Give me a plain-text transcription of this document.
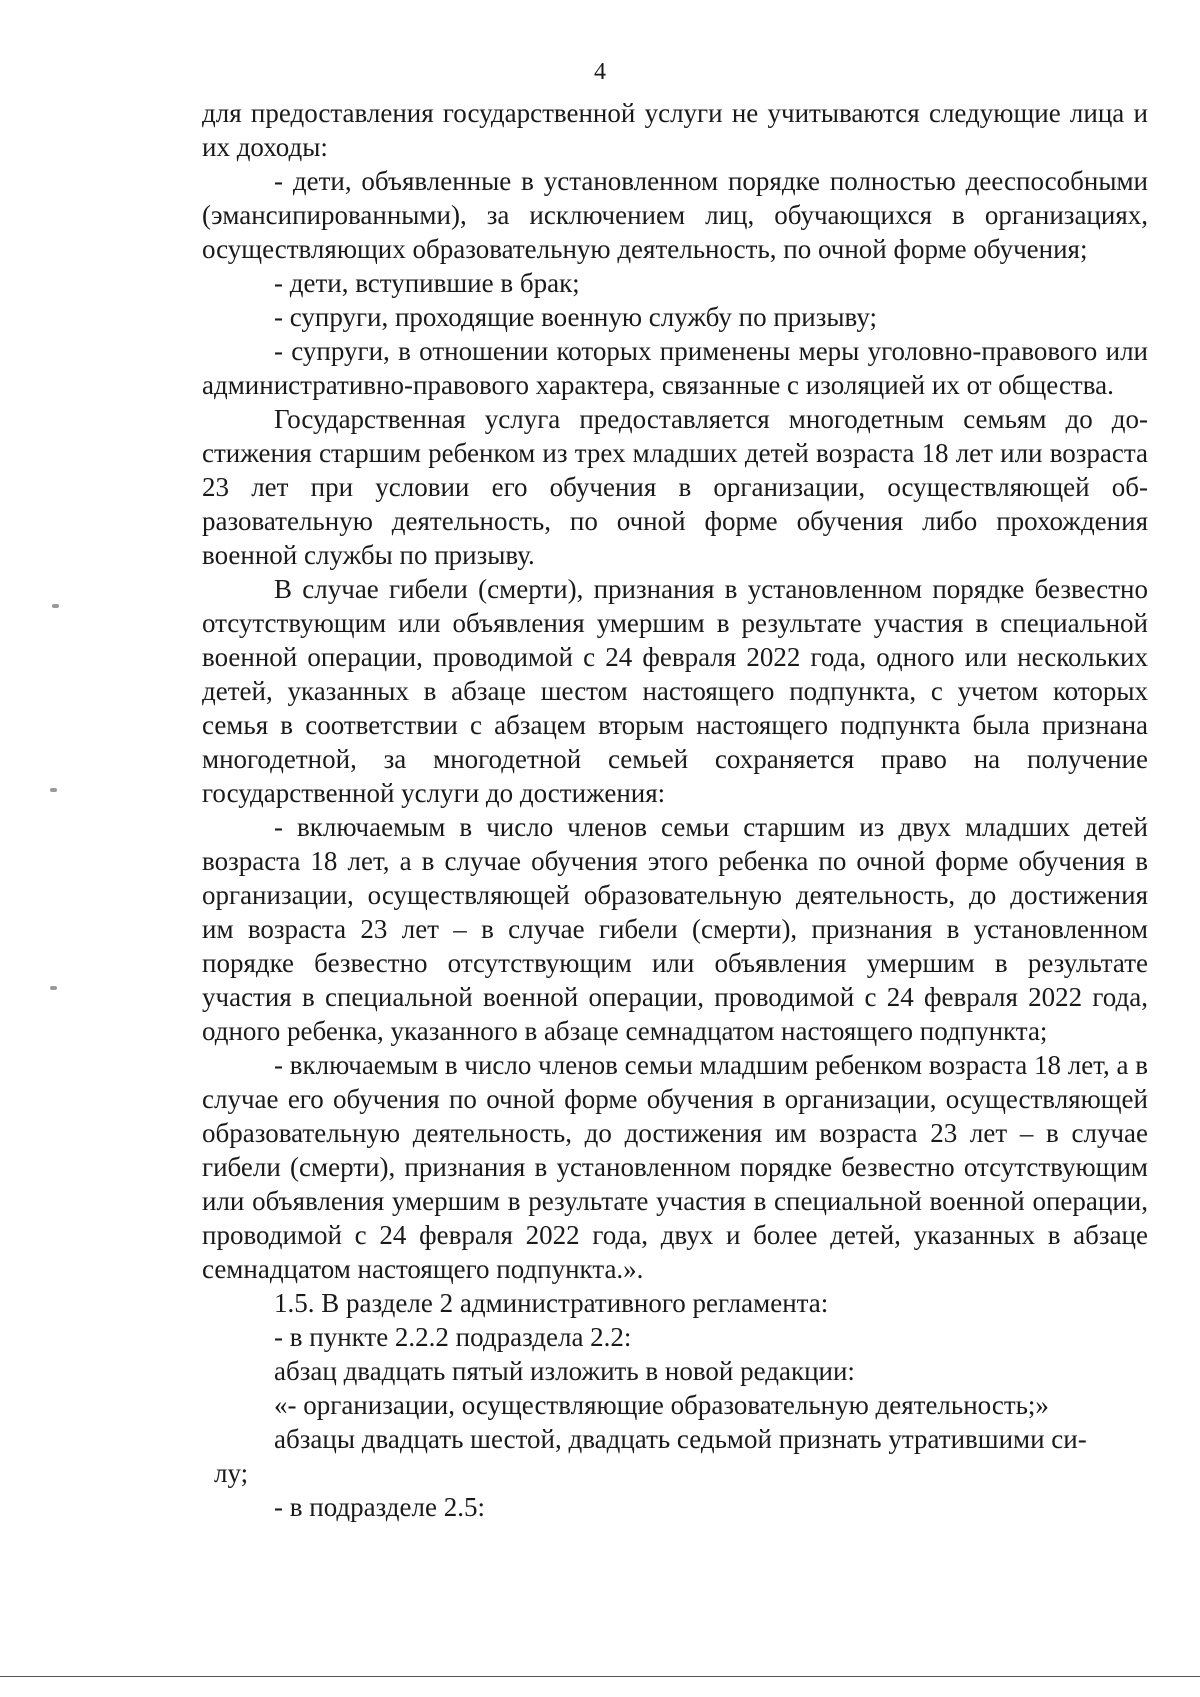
4

для предоставления государственной услуги не учитываются следующие лица и их доходы:

- дети, объявленные в установленном порядке полностью дееспособными (эмансипированными), за исключением лиц, обучающихся в организациях, осуществляющих образовательную деятельность, по очной форме обучения;

- дети, вступившие в брак;

- супруги, проходящие военную службу по призыву;

- супруги, в отношении которых применены меры уголовно-правового или административно-правового характера, связанные с изоляцией их от общества.

Государственная услуга предоставляется многодетным семьям до достижения старшим ребенком из трех младших детей возраста 18 лет или возраста 23 лет при условии его обучения в организации, осуществляющей образовательную деятельность, по очной форме обучения либо прохождения военной службы по призыву.

В случае гибели (смерти), признания в установленном порядке безвестно отсутствующим или объявления умершим в результате участия в специальной военной операции, проводимой с 24 февраля 2022 года, одного или нескольких детей, указанных в абзаце шестом настоящего подпункта, с учетом которых семья в соответствии с абзацем вторым настоящего подпункта была признана многодетной, за многодетной семьей сохраняется право на получение государственной услуги до достижения:

- включаемым в число членов семьи старшим из двух младших детей возраста 18 лет, а в случае обучения этого ребенка по очной форме обучения в организации, осуществляющей образовательную деятельность, до достижения им возраста 23 лет – в случае гибели (смерти), признания в установленном порядке безвестно отсутствующим или объявления умершим в результате участия в специальной военной операции, проводимой с 24 февраля 2022 года, одного ребенка, указанного в абзаце семнадцатом настоящего подпункта;

- включаемым в число членов семьи младшим ребенком возраста 18 лет, а в случае его обучения по очной форме обучения в организации, осуществляющей образовательную деятельность, до достижения им возраста 23 лет – в случае гибели (смерти), признания в установленном порядке безвестно отсутствующим или объявления умершим в результате участия в специальной военной операции, проводимой с 24 февраля 2022 года, двух и более детей, указанных в абзаце семнадцатом настоящего подпункта.».

1.5. В разделе 2 административного регламента:

- в пункте 2.2.2 подраздела 2.2:

абзац двадцать пятый изложить в новой редакции:

«- организации, осуществляющие образовательную деятельность;»

абзацы двадцать шестой, двадцать седьмой признать утратившими си-

лу;

- в подразделе 2.5:
